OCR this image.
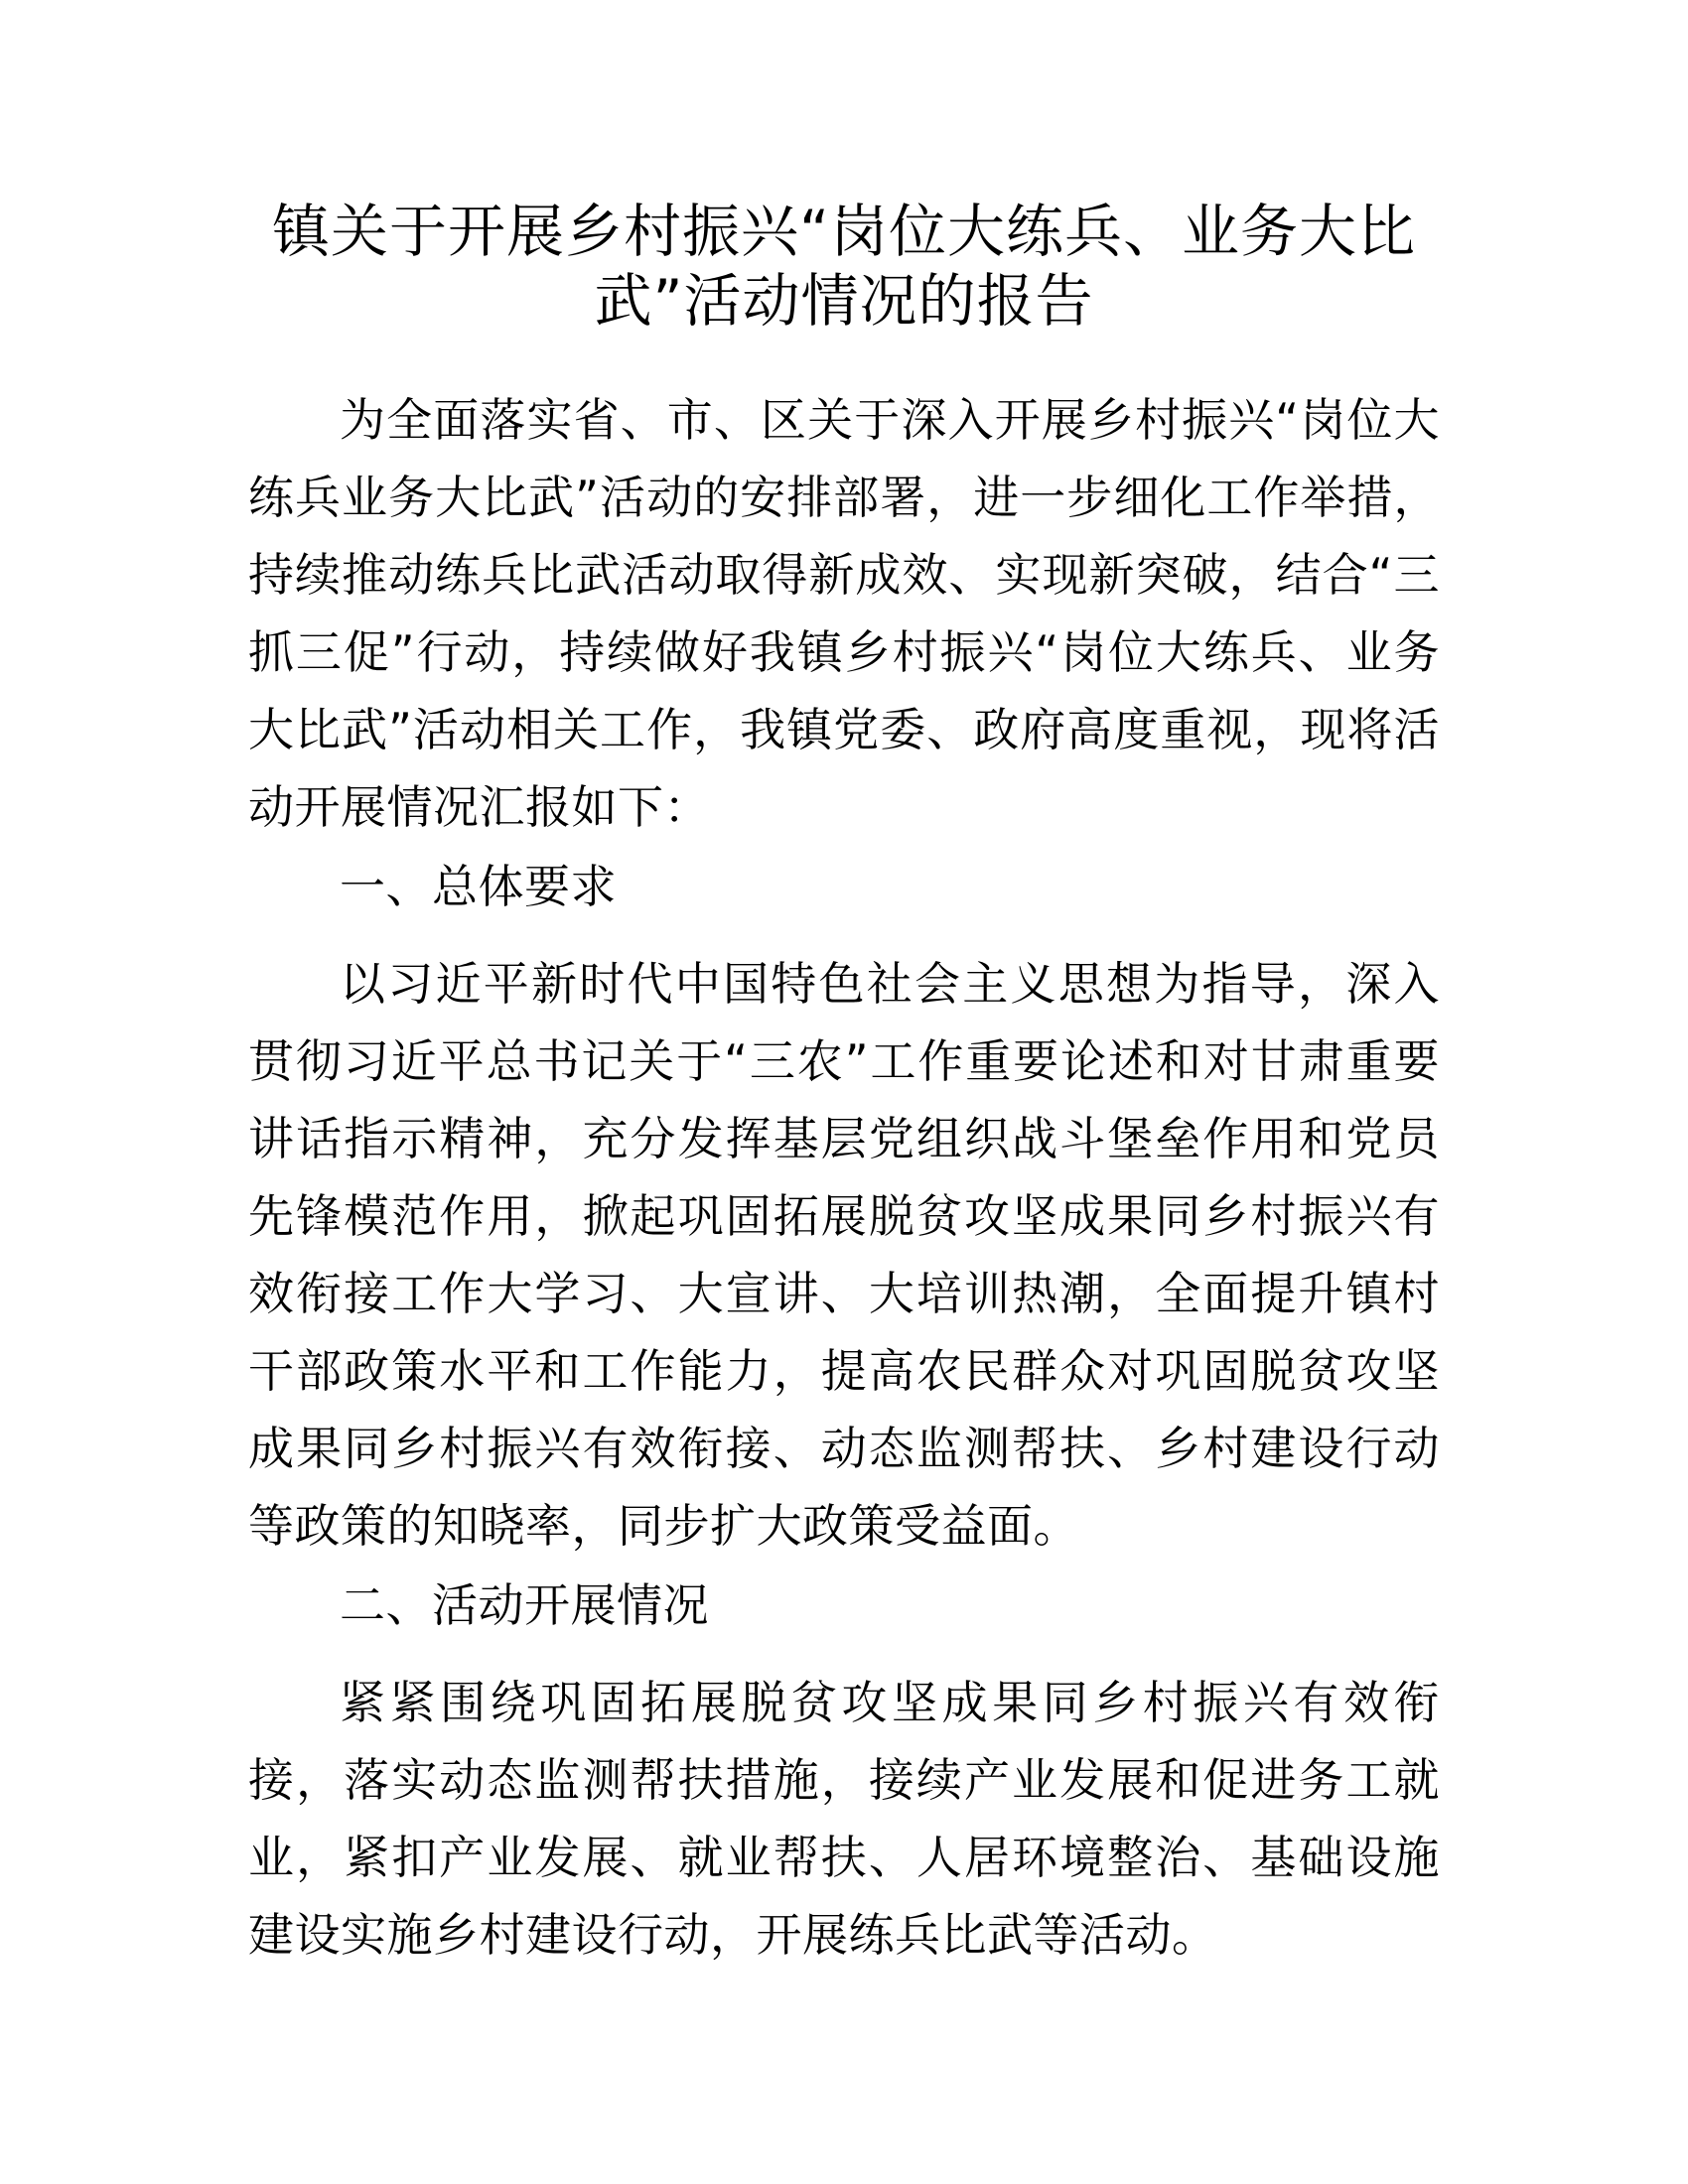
镇关于开展乡村振兴“岗位大练兵、业务大比武”活动情况的报告

为全面落实省、市、区关于深入开展乡村振兴“岗位大练兵业务大比武”活动的安排部署，进一步细化工作举措，持续推动练兵比武活动取得新成效、实现新突破，结合“三抓三促”行动，持续做好我镇乡村振兴“岗位大练兵、业务大比武”活动相关工作，我镇党委、政府高度重视，现将活动开展情况汇报如下：

一、总体要求

以习近平新时代中国特色社会主义思想为指导，深入贯彻习近平总书记关于“三农”工作重要论述和对甘肃重要讲话指示精神，充分发挥基层党组织战斗堡垒作用和党员先锋模范作用，掀起巩固拓展脱贫攻坚成果同乡村振兴有效衔接工作大学习、大宣讲、大培训热潮，全面提升镇村干部政策水平和工作能力，提高农民群众对巩固脱贫攻坚成果同乡村振兴有效衔接、动态监测帮扶、乡村建设行动等政策的知晓率，同步扩大政策受益面。

二、活动开展情况

紧紧围绕巩固拓展脱贫攻坚成果同乡村振兴有效衔接，落实动态监测帮扶措施，接续产业发展和促进务工就业，紧扣产业发展、就业帮扶、人居环境整治、基础设施建设实施乡村建设行动，开展练兵比武等活动。
